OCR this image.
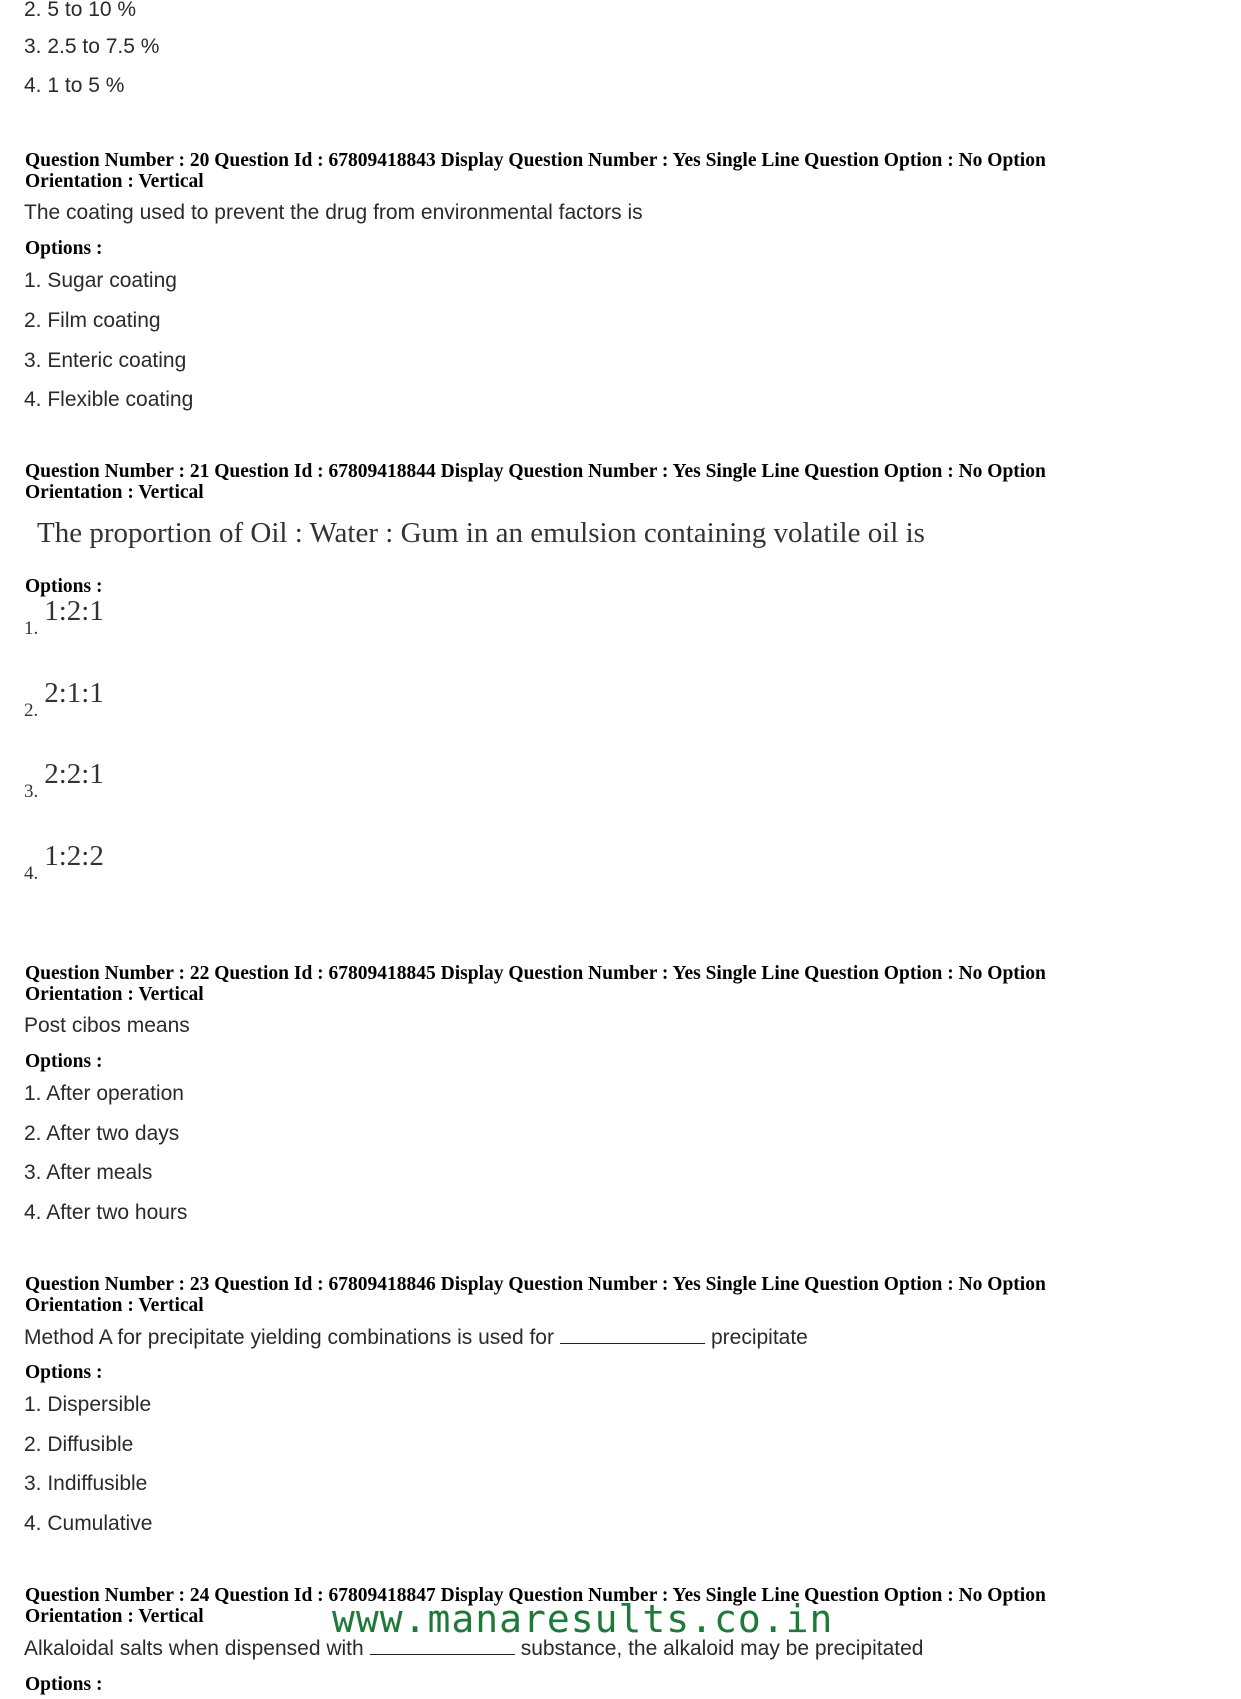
2. 5 to 10 %
3. 2.5 to 7.5 %
4. 1 to 5 %
Question Number : 20 Question Id : 67809418843 Display Question Number : Yes Single Line Question Option : No Option
Orientation : Vertical
The coating used to prevent the drug from environmental factors is
Options :
1. Sugar coating
2. Film coating
3. Enteric coating
4. Flexible coating
Question Number : 21 Question Id : 67809418844 Display Question Number : Yes Single Line Question Option : No Option
Orientation : Vertical
The proportion of Oil : Water : Gum in an emulsion containing volatile oil is
Options :
1.1:2:1
2.2:1:1
3.2:2:1
4.1:2:2
Question Number : 22 Question Id : 67809418845 Display Question Number : Yes Single Line Question Option : No Option
Orientation : Vertical
Post cibos means
Options :
1. After operation
2. After two days
3. After meals
4. After two hours
Question Number : 23 Question Id : 67809418846 Display Question Number : Yes Single Line Question Option : No Option
Orientation : Vertical
Method A for precipitate yielding combinations is used for	precipitate
Options :
1. Dispersible
2. Diffusible
3. Indiffusible
4. Cumulative
Question Number : 24 Question Id : 67809418847 Display Question Number : Yes Single Line Question Option : No Option
Orientation : Vertical
Alkaloidal salts when dispensed with	substance, the alkaloid may be precipitated
Options :
www.manaresults.co.in
